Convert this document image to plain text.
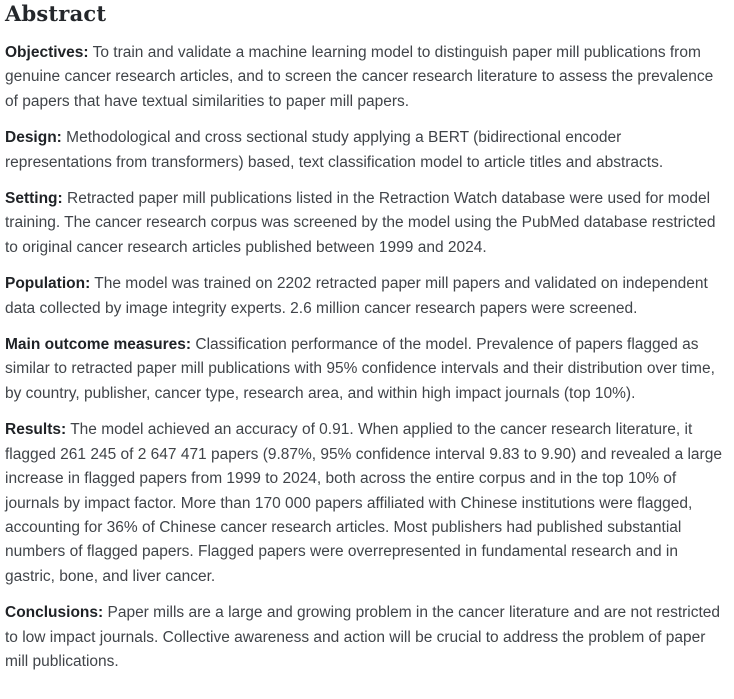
Abstract

Objectives: To train and validate a machine learning model to distinguish paper mill publications from genuine cancer research articles, and to screen the cancer research literature to assess the prevalence of papers that have textual similarities to paper mill papers.

Design: Methodological and cross sectional study applying a BERT (bidirectional encoder representations from transformers) based, text classification model to article titles and abstracts.

Setting: Retracted paper mill publications listed in the Retraction Watch database were used for model training. The cancer research corpus was screened by the model using the PubMed database restricted to original cancer research articles published between 1999 and 2024.

Population: The model was trained on 2202 retracted paper mill papers and validated on independent data collected by image integrity experts. 2.6 million cancer research papers were screened.

Main outcome measures: Classification performance of the model. Prevalence of papers flagged as similar to retracted paper mill publications with 95% confidence intervals and their distribution over time, by country, publisher, cancer type, research area, and within high impact journals (top 10%).

Results: The model achieved an accuracy of 0.91. When applied to the cancer research literature, it flagged 261 245 of 2 647 471 papers (9.87%, 95% confidence interval 9.83 to 9.90) and revealed a large increase in flagged papers from 1999 to 2024, both across the entire corpus and in the top 10% of journals by impact factor. More than 170 000 papers affiliated with Chinese institutions were flagged, accounting for 36% of Chinese cancer research articles. Most publishers had published substantial numbers of flagged papers. Flagged papers were overrepresented in fundamental research and in gastric, bone, and liver cancer.

Conclusions: Paper mills are a large and growing problem in the cancer literature and are not restricted to low impact journals. Collective awareness and action will be crucial to address the problem of paper mill publications.
